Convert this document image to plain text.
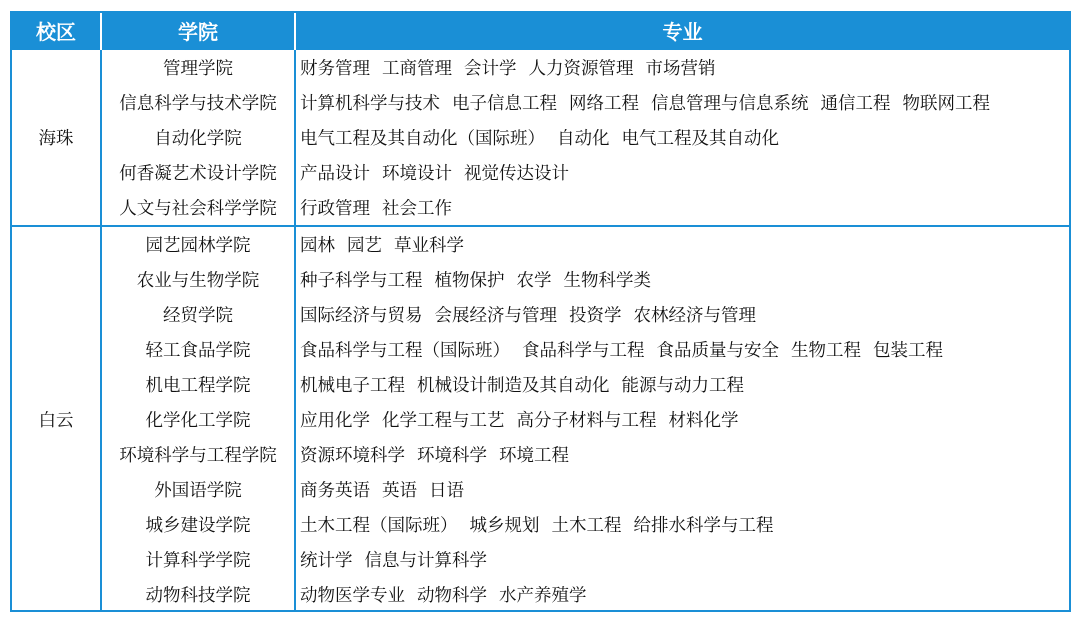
校区	学院	专业
海珠	管理学院	财务管理 工商管理 会计学 人力资源管理 市场营销
	信息科学与技术学院	计算机科学与技术 电子信息工程 网络工程 信息管理与信息系统 通信工程 物联网工程
	自动化学院	电气工程及其自动化（国际班） 自动化 电气工程及其自动化
	何香凝艺术设计学院	产品设计 环境设计 视觉传达设计
	人文与社会科学学院	行政管理 社会工作
白云	园艺园林学院	园林 园艺 草业科学
	农业与生物学院	种子科学与工程 植物保护 农学 生物科学类
	经贸学院	国际经济与贸易 会展经济与管理 投资学 农林经济与管理
	轻工食品学院	食品科学与工程（国际班） 食品科学与工程 食品质量与安全 生物工程 包装工程
	机电工程学院	机械电子工程 机械设计制造及其自动化 能源与动力工程
	化学化工学院	应用化学 化学工程与工艺 高分子材料与工程 材料化学
	环境科学与工程学院	资源环境科学 环境科学 环境工程
	外国语学院	商务英语 英语 日语
	城乡建设学院	土木工程（国际班） 城乡规划 土木工程 给排水科学与工程
	计算科学学院	统计学 信息与计算科学
	动物科技学院	动物医学专业 动物科学 水产养殖学
